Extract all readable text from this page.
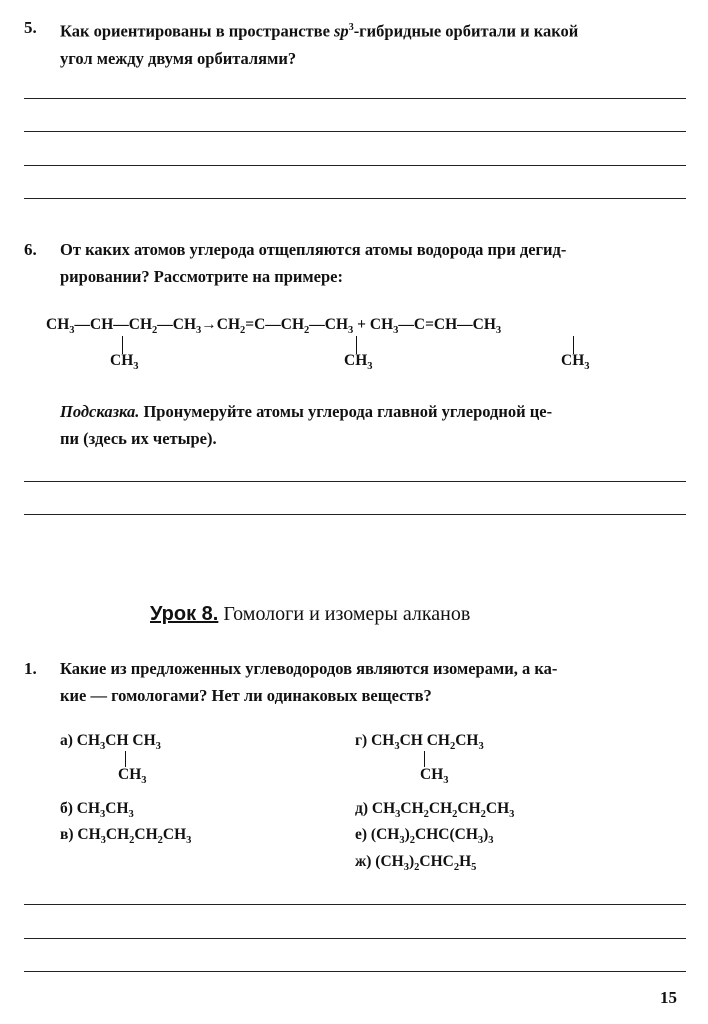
5. Как ориентированы в пространстве $sp^3$-гибридные орбитали и какой
угол между двумя орбиталями?
6. От каких атомов углерода отщепляются атомы водорода при дегид-
рировании? Рассмотрите на примере:
$CH_3—CH—CH_2—CH_3\to CH_2=C—CH_2—CH_3$ + $CH_3—C=CH—CH_3$
$CH_3$	$CH_3$	$CH_3$
Подсказка. Пронумеруйте атомы углерода главной углеродной це-
пи (здесь их четыре).
Урок 8. Гомологи и изомеры алканов
1. Какие из предложенных углеводородов являются изомерами, а ка-
кие — гомологами? Нет ли одинаковых веществ?
а) $CH_3CH$ $CH_3$
$CH_3$
г) $CH_3CH$ $CH_2CH_3$
$CH_3$
б) $CH_3CH_3$
в) $CH_3CH_2CH_2CH_3$
д) $CH_3CH_2CH_2CH_2CH_3$
е) $(CH_3)_2CHC(CH_3)_3$
ж) $(CH_3)_2CHC_2H_5$
15
